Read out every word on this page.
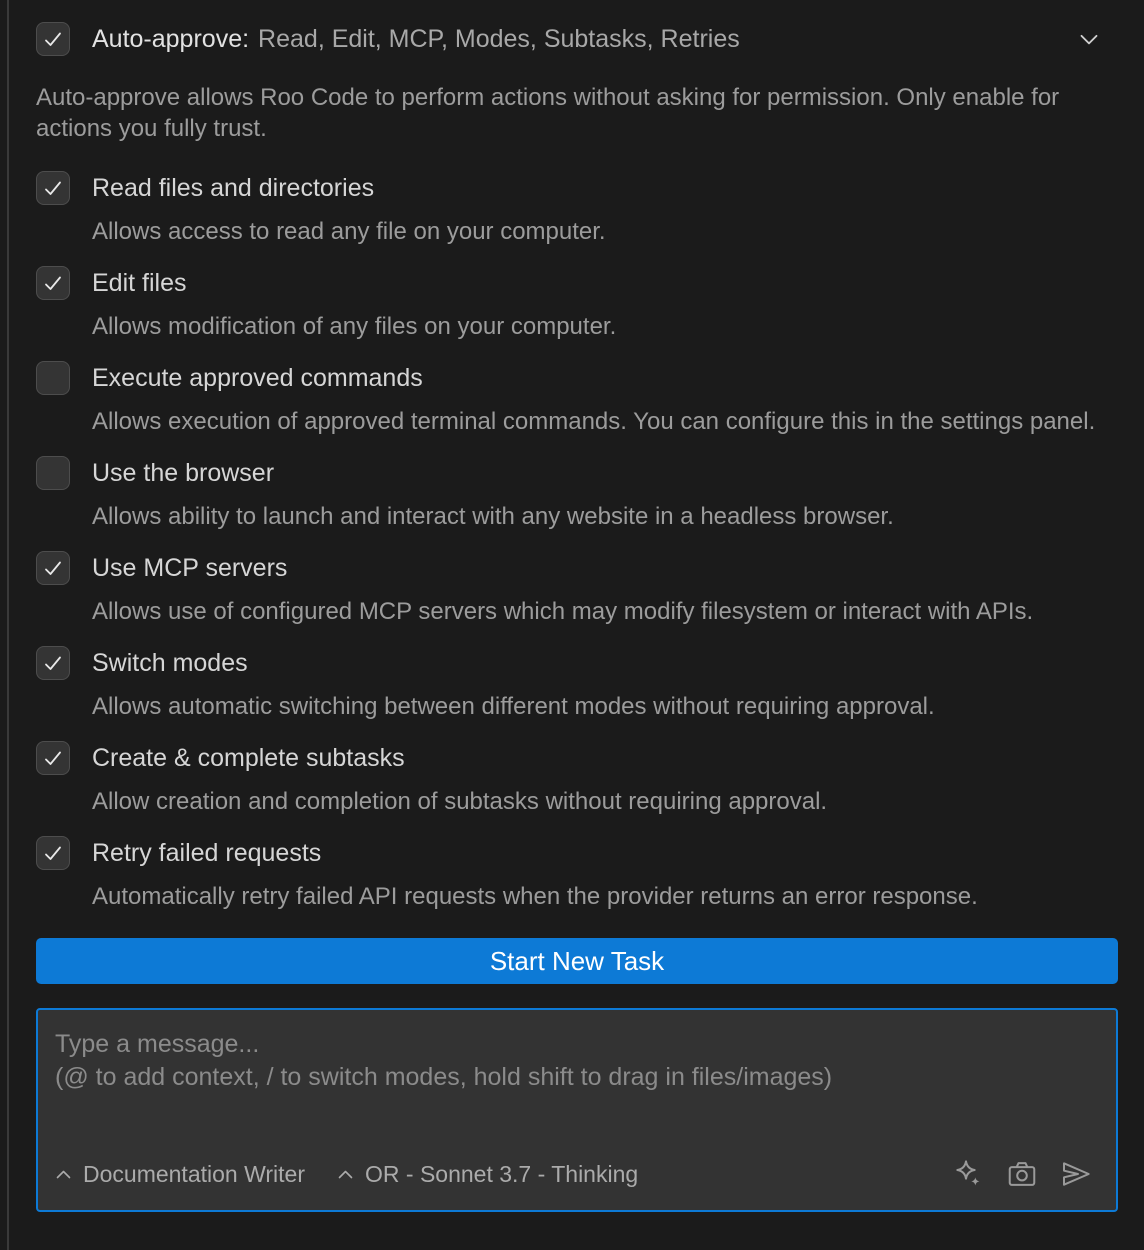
Auto-approve: Read, Edit, MCP, Modes, Subtasks, Retries

Auto-approve allows Roo Code to perform actions without asking for permission. Only enable for actions you fully trust.

Read files and directories
Allows access to read any file on your computer.
Edit files
Allows modification of any files on your computer.
Execute approved commands
Allows execution of approved terminal commands. You can configure this in the settings panel.
Use the browser
Allows ability to launch and interact with any website in a headless browser.
Use MCP servers
Allows use of configured MCP servers which may modify filesystem or interact with APIs.
Switch modes
Allows automatic switching between different modes without requiring approval.
Create & complete subtasks
Allow creation and completion of subtasks without requiring approval.
Retry failed requests
Automatically retry failed API requests when the provider returns an error response.
Start New Task
Type a message...
(@ to add context, / to switch modes, hold shift to drag in files/images)
Documentation Writer	OR - Sonnet 3.7 - Thinking
